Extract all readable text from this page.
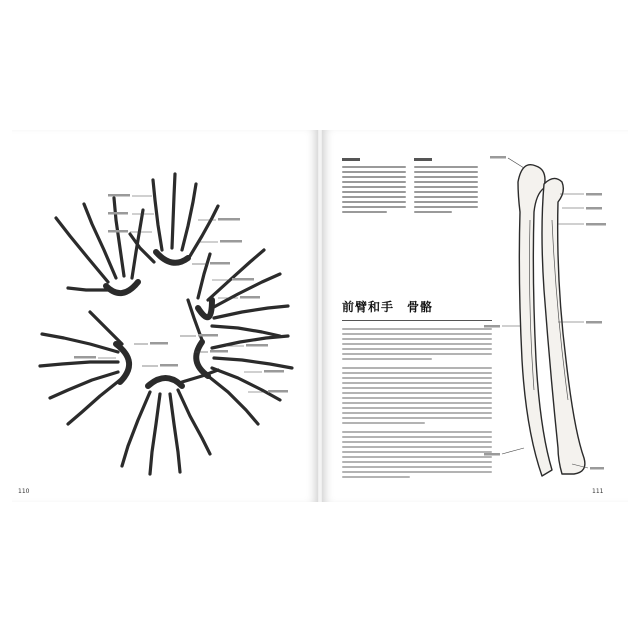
110
前臂和手　骨骼
111
